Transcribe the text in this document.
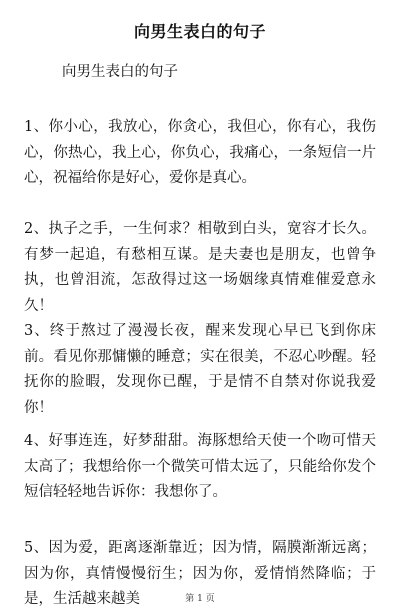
向男生表白的句子
向男生表白的句子
1、你小心，我放心，你贪心，我但心，你有心，我伤心，你热心，我上心，你负心，我痛心，一条短信一片心，祝福给你是好心，爱你是真心。
2、执子之手，一生何求？相敬到白头，宽容才长久。有梦一起追，有愁相互谋。是夫妻也是朋友，也曾争执，也曾泪流，怎敌得过这一场姻缘真情难催爱意永久！
3、终于熬过了漫漫长夜，醒来发现心早已飞到你床前。看见你那慵懒的睡意；实在很美，不忍心吵醒。轻抚你的脸暇，发现你已醒，于是情不自禁对你说我爱你！
4、好事连连，好梦甜甜。海豚想给天使一个吻可惜天太高了；我想给你一个微笑可惜太远了，只能给你发个短信轻轻地告诉你：我想你了。
5、因为爱，距离逐渐靠近；因为情，隔膜渐渐远离；因为你，真情慢慢衍生；因为你，爱情悄然降临；于是，生活越来越美	第 1 页
